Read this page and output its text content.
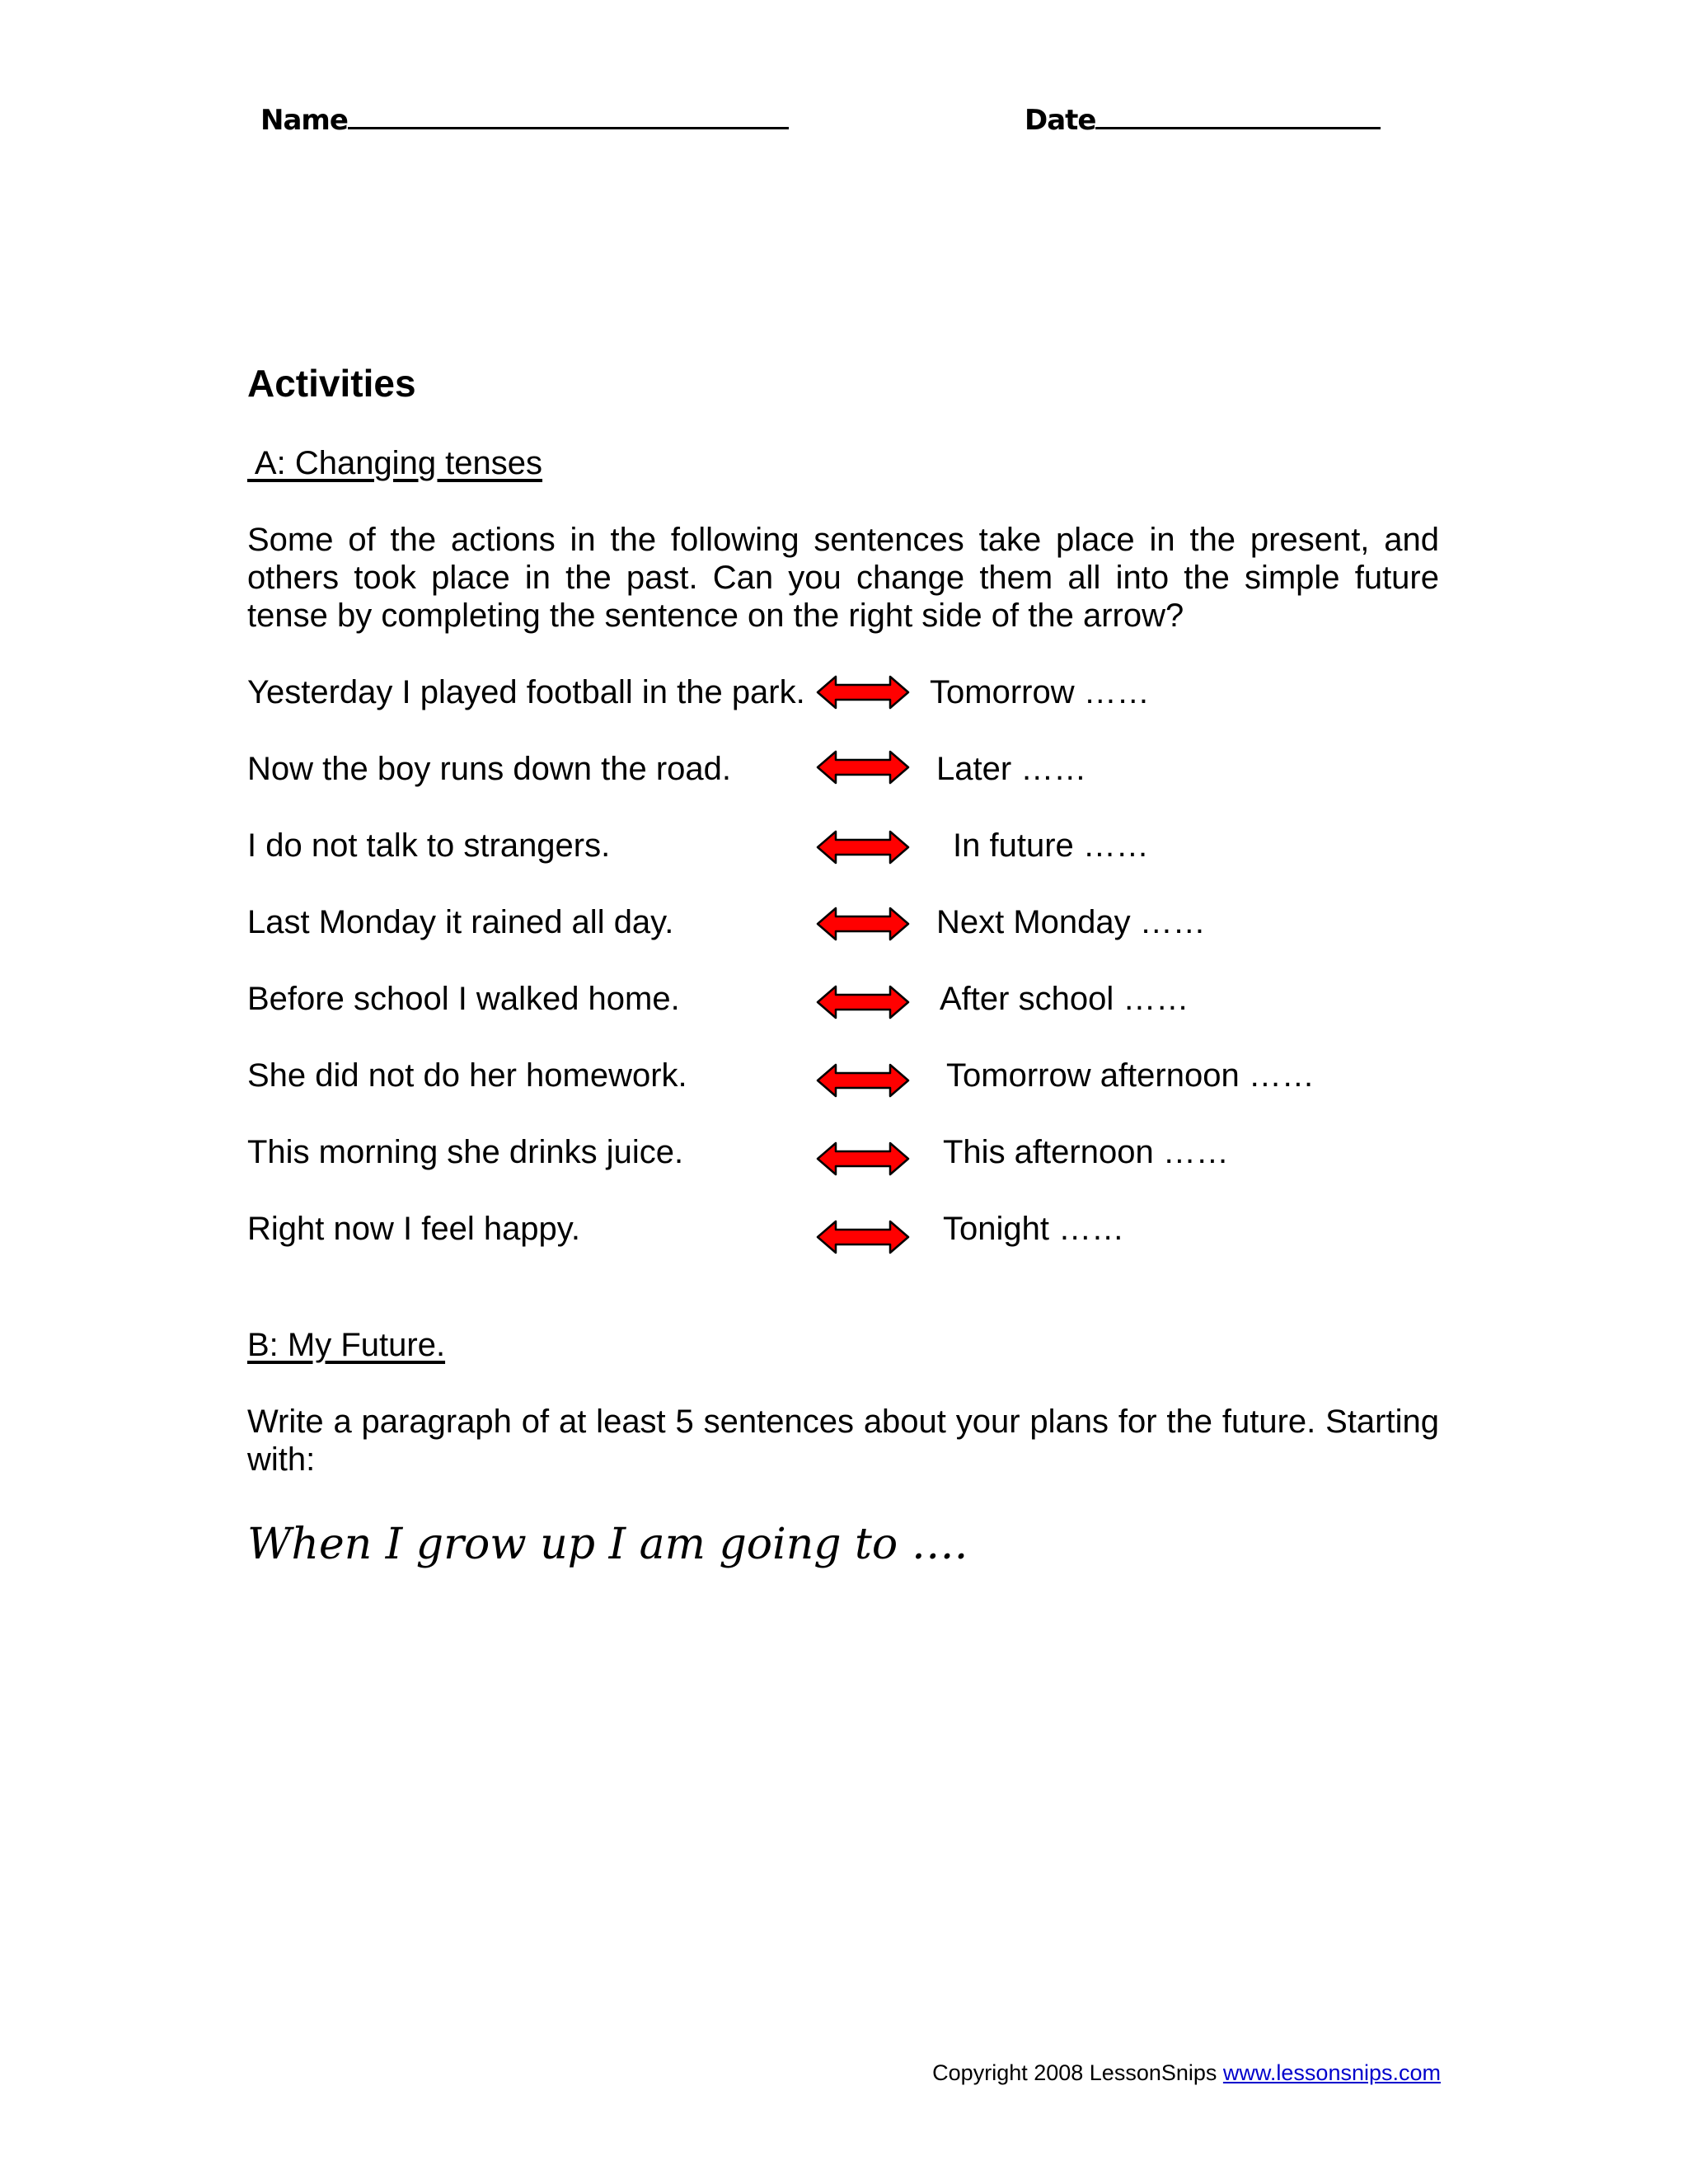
Name	Date
Activities
A: Changing tenses
Some of the actions in the following sentences take place in the present, and others took place in the past. Can you change them all into the simple future tense by completing the sentence on the right side of the arrow?
Yesterday I played football in the park.	Tomorrow ……
Now the boy runs down the road.	Later ……
I do not talk to strangers.	In future ……
Last Monday it rained all day.	Next Monday ……
Before school I walked home.	After school ……
She did not do her homework.	Tomorrow afternoon ……
This morning she drinks juice.	This afternoon ……
Right now I feel happy.	Tonight ……
B: My Future.
Write a paragraph of at least 5 sentences about your plans for the future. Starting with:
When I grow up I am going to ….
Copyright 2008 LessonSnips www.lessonsnips.com
